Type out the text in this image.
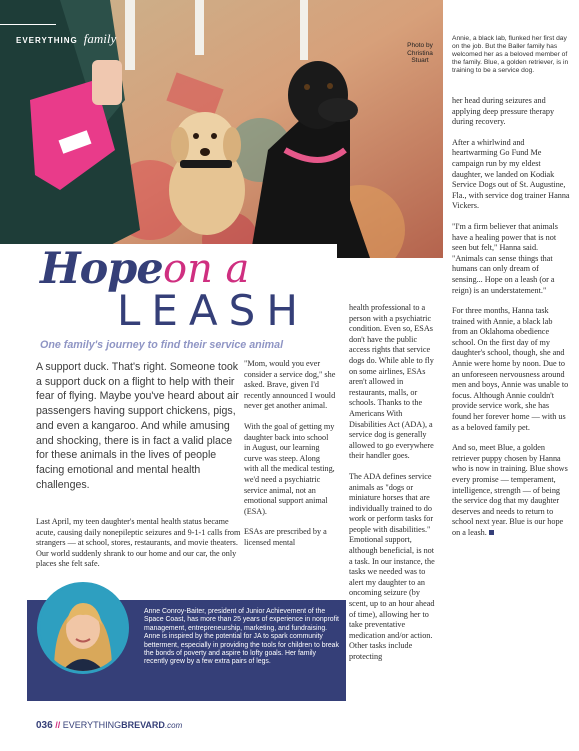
EVERYTHING family	Photo by Christina Stuart
Annie, a black lab, flunked her first day on the job. But the Baller family has welcomed her as a beloved member of the family. Blue, a golden retriever, is in training to be a service dog.
Hope on a
LEASH
One family's journey to find their service animal
A support duck. That's right. Someone took a support duck on a flight to help with their fear of flying. Maybe you've heard about air passengers having support chickens, pigs, and even a kangaroo. And while amusing and shocking, there is in fact a valid place for these animals in the lives of people facing emotional and mental health challenges.

Last April, my teen daughter's mental health status became acute, causing daily nonepileptic seizures and 9-1-1 calls from strangers — at school, stores, restaurants, and movie theaters. Our world suddenly shrank to our home and our car, the only places she felt safe.

"Mom, would you ever consider a service dog," she asked. Brave, given I'd recently announced I would never get another animal.

With the goal of getting my daughter back into school in August, our learning curve was steep. Along with all the medical testing, we'd need a psychiatric service animal, not an emotional support animal (ESA).

ESAs are prescribed by a licensed mental

health professional to a person with a psychiatric condition. Even so, ESAs don't have the public access rights that service dogs do. While able to fly on some airlines, ESAs aren't allowed in restaurants, malls, or schools. Thanks to the Americans With Disabilities Act (ADA), a service dog is generally allowed to go everywhere their handler goes.

The ADA defines service animals as "dogs or miniature horses that are individually trained to do work or perform tasks for people with disabilities." Emotional support, although beneficial, is not a task. In our instance, the tasks we needed was to alert my daughter to an oncoming seizure (by scent, up to an hour ahead of time), allowing her to take preventative medication and/or action. Other tasks include protecting

her head during seizures and applying deep pressure therapy during recovery.

After a whirlwind and heartwarming Go Fund Me campaign run by my eldest daughter, we landed on Kodiak Service Dogs out of St. Augustine, Fla., with service dog trainer Hanna Vickers.

"I'm a firm believer that animals have a healing power that is not seen but felt," Hanna said. "Animals can sense things that humans can only dream of sensing... Hope on a leash (or a reign) is an understatement."

For three months, Hanna task trained with Annie, a black lab from an Oklahoma obedience school. On the first day of my daughter's school, though, she and Annie were home by noon. Due to an unforeseen nervousness around men and boys, Annie was unable to focus. Although Annie couldn't provide service work, she has found her forever home — with us as a beloved family pet.

And so, meet Blue, a golden retriever puppy chosen by Hanna who is now in training. Blue shows every promise — temperament, intelligence, strength — of being the service dog that my daughter deserves and needs to return to school next year. Blue is our hope on a leash.

Anne Conroy-Baiter, president of Junior Achievement of the Space Coast, has more than 25 years of experience in nonprofit management, entrepreneurship, marketing, and fundraising. Anne is inspired by the potential for JA to spark community betterment, especially in providing the tools for children to break the bonds of poverty and aspire to lofty goals. Her family recently grew by a few extra pairs of legs.
036 // EVERYTHINGBREVARD.com
